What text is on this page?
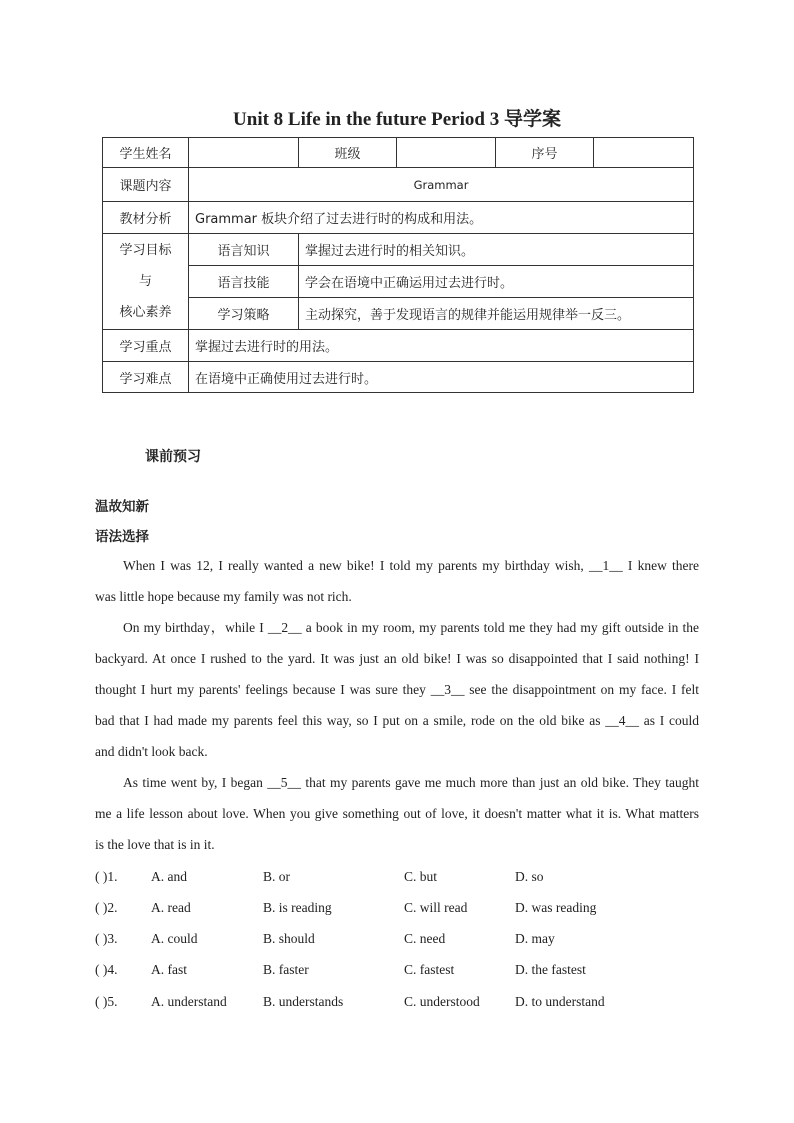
Unit 8 Life in the future Period 3 导学案
学生姓名		班级		序号	
课题内容	Grammar				
教材分析	Grammar 板块介绍了过去进行时的构成和用法。				

学习目标
与
核心素养	语言知识	掌握过去进行时的相关知识。			
	语言技能	学会在语境中正确运用过去进行时。			
	学习策略	主动探究，善于发现语言的规律并能运用规律举一反三。			
学习重点	掌握过去进行时的用法。				
学习难点	在语境中正确使用过去进行时。				
课前预习
温故知新
语法选择
When I was 12, I really wanted a new bike! I told my parents my birthday wish, __1__ I knew there
was little hope because my family was not rich.
On my birthday，while I __2__ a book in my room, my parents told me they had my gift outside in the
backyard. At once I rushed to the yard. It was just an old bike! I was so disappointed that I said nothing! I
thought I hurt my parents' feelings because I was sure they __3__ see the disappointment on my face. I felt
bad that I had made my parents feel this way, so I put on a smile, rode on the old bike as __4__ as I could
and didn't look back.
As time went by, I began __5__ that my parents gave me much more than just an old bike. They taught
me a life lesson about love. When you give something out of love, it doesn't matter what it is. What matters
is the love that is in it.
( )1. A. and	B. or	C. but	D. so
( )2. A. read	B. is reading	C. will read	D. was reading
( )3. A. could	B. should	C. need	D. may
( )4. A. fast	B. faster	C. fastest	D. the fastest
( )5. A. understand	B. understands	C. understood	D. to understand
